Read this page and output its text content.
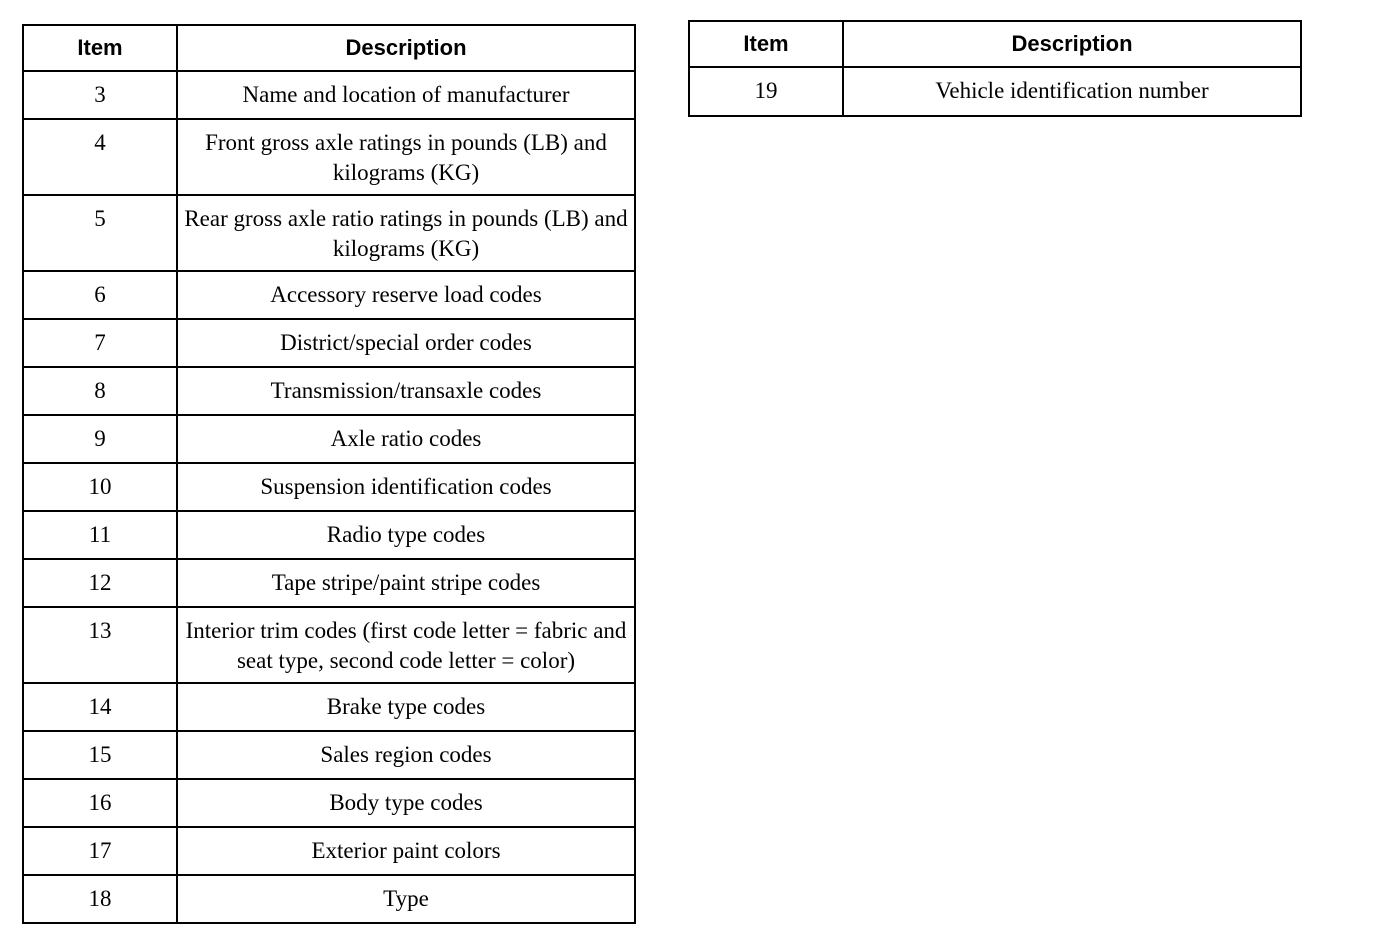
Item	Description
3	Name and location of manufacturer
4	Front gross axle ratings in pounds (LB) and kilograms (KG)
5	Rear gross axle ratio ratings in pounds (LB) and kilograms (KG)
6	Accessory reserve load codes
7	District/special order codes
8	Transmission/transaxle codes
9	Axle ratio codes
10	Suspension identification codes
11	Radio type codes
12	Tape stripe/paint stripe codes
13	Interior trim codes (first code letter = fabric and seat type, second code letter = color)
14	Brake type codes
15	Sales region codes
16	Body type codes
17	Exterior paint colors
18	Type
Item	Description
19	Vehicle identification number
